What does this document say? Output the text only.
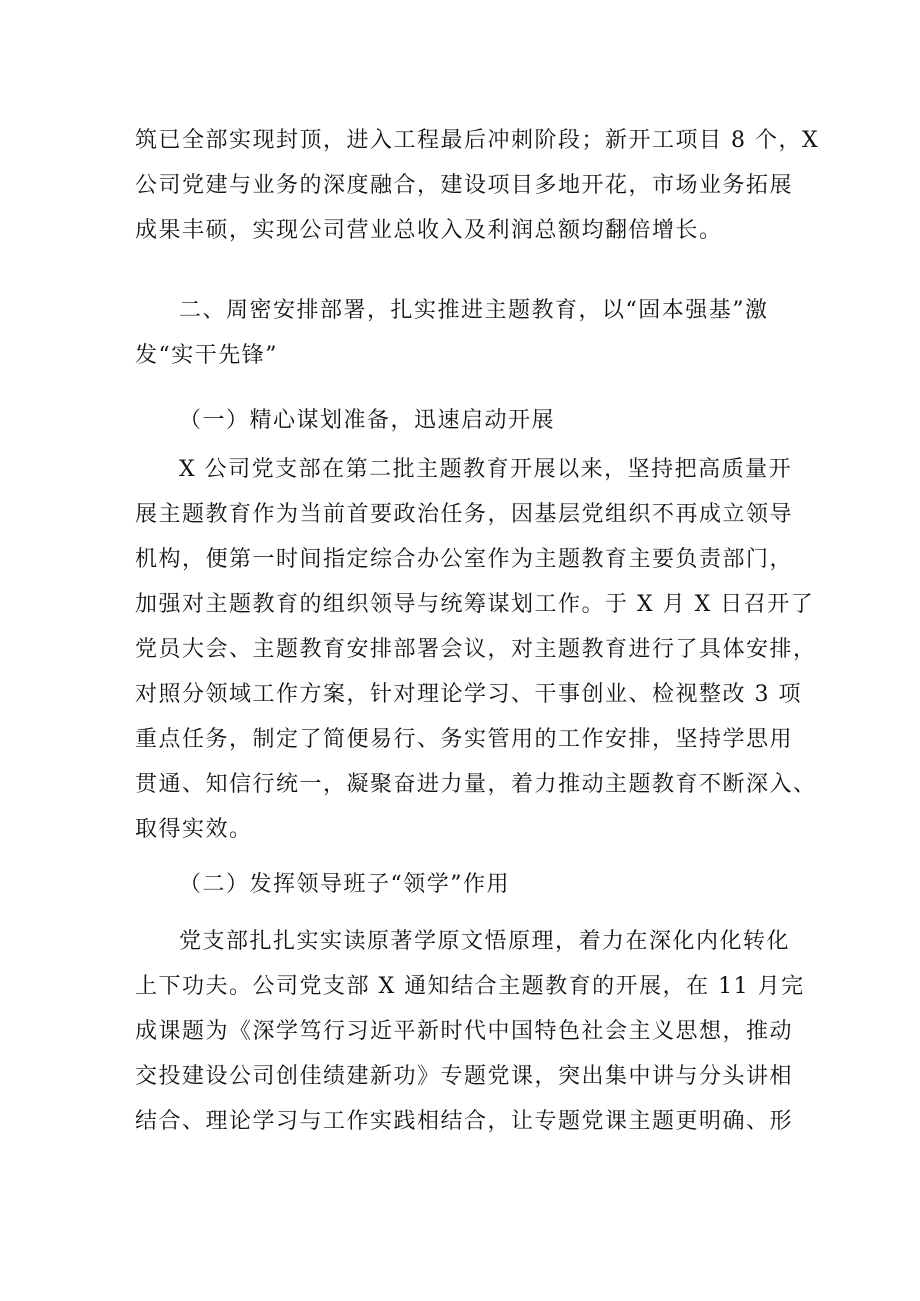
筑已全部实现封顶，进入工程最后冲刺阶段；新开工项目 8 个，X
公司党建与业务的深度融合，建设项目多地开花，市场业务拓展
成果丰硕，实现公司营业总收入及利润总额均翻倍增长。
二、周密安排部署，扎实推进主题教育，以“固本强基”激
发“实干先锋”
（一）精心谋划准备，迅速启动开展
X 公司党支部在第二批主题教育开展以来，坚持把高质量开
展主题教育作为当前首要政治任务，因基层党组织不再成立领导
机构，便第一时间指定综合办公室作为主题教育主要负责部门，
加强对主题教育的组织领导与统筹谋划工作。于 X 月 X 日召开了
党员大会、主题教育安排部署会议，对主题教育进行了具体安排，
对照分领域工作方案，针对理论学习、干事创业、检视整改 3 项
重点任务，制定了简便易行、务实管用的工作安排，坚持学思用
贯通、知信行统一，凝聚奋进力量，着力推动主题教育不断深入、
取得实效。
（二）发挥领导班子“领学”作用
党支部扎扎实实读原著学原文悟原理，着力在深化内化转化
上下功夫。公司党支部 X 通知结合主题教育的开展，在 11 月完
成课题为《深学笃行习近平新时代中国特色社会主义思想，推动
交投建设公司创佳绩建新功》专题党课，突出集中讲与分头讲相
结合、理论学习与工作实践相结合，让专题党课主题更明确、形
